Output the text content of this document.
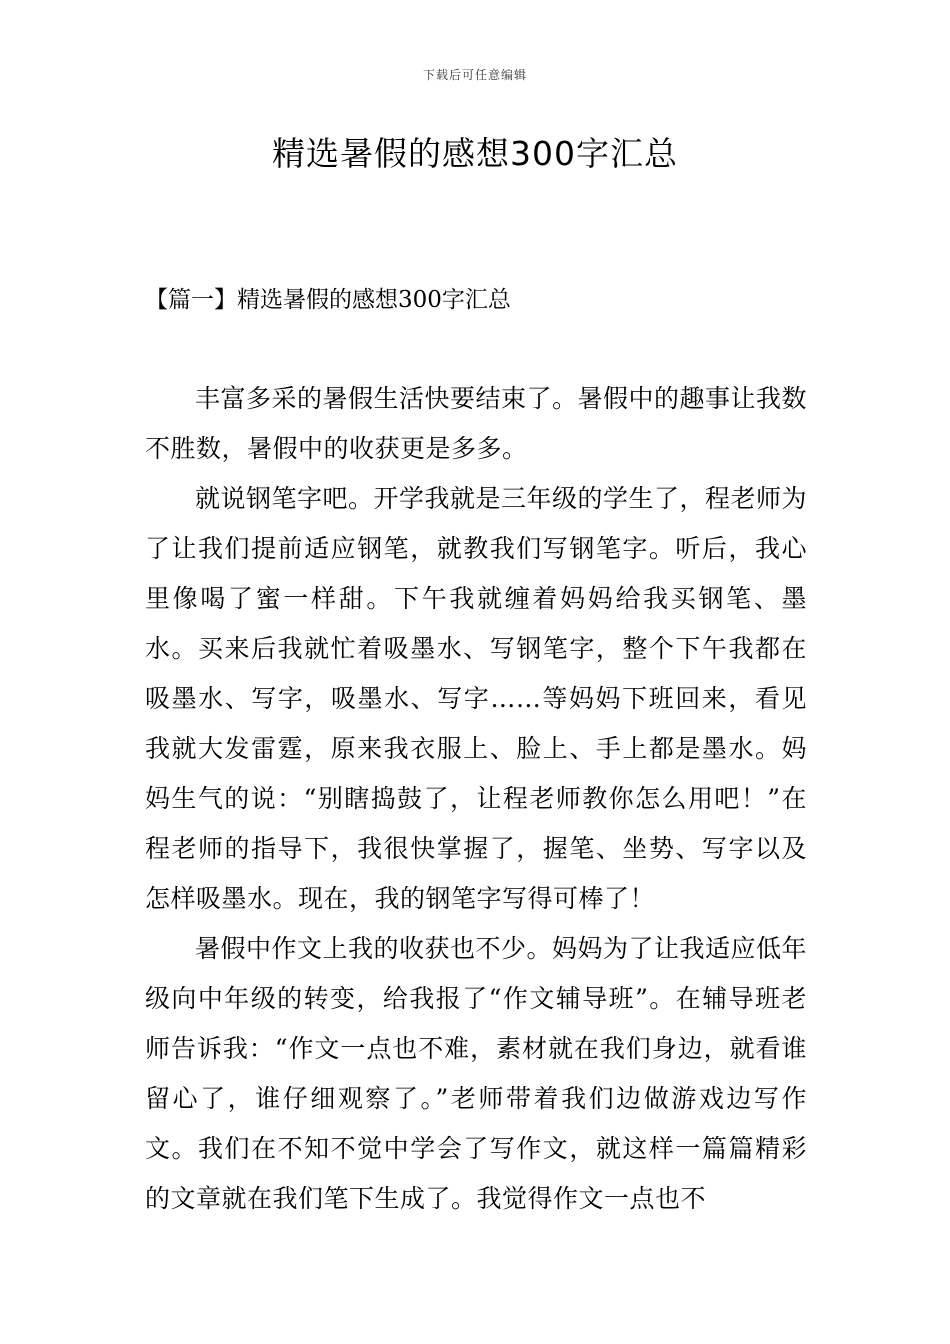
下载后可任意编辑
精选暑假的感想300字汇总
【篇一】精选暑假的感想300字汇总

丰富多采的暑假生活快要结束了。暑假中的趣事让我数不胜数，暑假中的收获更是多多。

就说钢笔字吧。开学我就是三年级的学生了，程老师为了让我们提前适应钢笔，就教我们写钢笔字。听后，我心里像喝了蜜一样甜。下午我就缠着妈妈给我买钢笔、墨水。买来后我就忙着吸墨水、写钢笔字，整个下午我都在吸墨水、写字，吸墨水、写字……等妈妈下班回来，看见我就大发雷霆，原来我衣服上、脸上、手上都是墨水。妈妈生气的说：“别瞎捣鼓了，让程老师教你怎么用吧！”在程老师的指导下，我很快掌握了，握笔、坐势、写字以及怎样吸墨水。现在，我的钢笔字写得可棒了！

暑假中作文上我的收获也不少。妈妈为了让我适应低年级向中年级的转变，给我报了“作文辅导班”。在辅导班老师告诉我：“作文一点也不难，素材就在我们身边，就看谁留心了，谁仔细观察了。”老师带着我们边做游戏边写作文。我们在不知不觉中学会了写作文，就这样一篇篇精彩的文章就在我们笔下生成了。我觉得作文一点也不
